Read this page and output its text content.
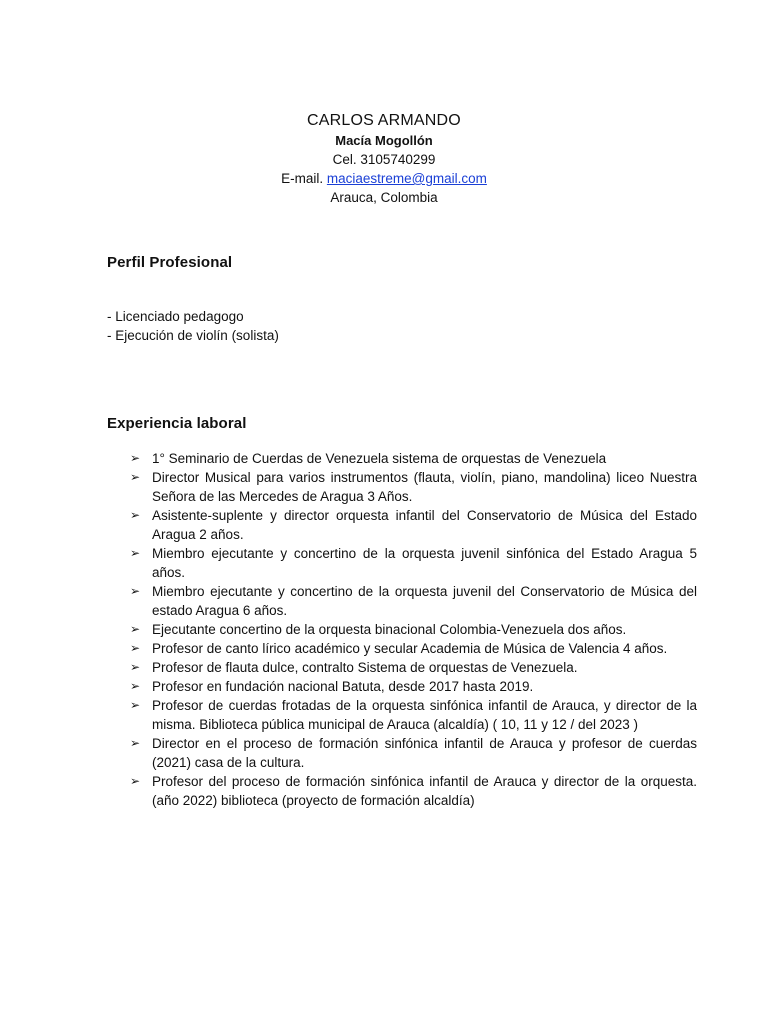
CARLOS ARMANDO
Macía Mogollón
Cel. 3105740299
E-mail. maciaestreme@gmail.com
Arauca, Colombia
Perfil Profesional
- Licenciado pedagogo
- Ejecución de violín (solista)
Experiencia laboral
➢ 1° Seminario de Cuerdas de Venezuela sistema de orquestas de Venezuela
➢ Director Musical para varios instrumentos (flauta, violín, piano, mandolina) liceo Nuestra Señora de las Mercedes de Aragua 3 Años.
➢ Asistente-suplente y director orquesta infantil del Conservatorio de Música del Estado Aragua 2 años.
➢ Miembro ejecutante y concertino de la orquesta juvenil sinfónica del Estado Aragua 5 años.
➢ Miembro ejecutante y concertino de la orquesta juvenil del Conservatorio de Música del estado Aragua 6 años.
➢ Ejecutante concertino de la orquesta binacional Colombia-Venezuela dos años.
➢ Profesor de canto lírico académico y secular Academia de Música de Valencia 4 años.
➢ Profesor de flauta dulce, contralto Sistema de orquestas de Venezuela.
➢ Profesor en fundación nacional Batuta, desde 2017 hasta 2019.
➢ Profesor de cuerdas frotadas de la orquesta sinfónica infantil de Arauca, y director de la misma. Biblioteca pública municipal de Arauca (alcaldía) ( 10, 11 y 12 / del 2023 )
➢ Director en el proceso de formación sinfónica infantil de Arauca y profesor de cuerdas (2021) casa de la cultura.
➢ Profesor del proceso de formación sinfónica infantil de Arauca y director de la orquesta. (año 2022) biblioteca (proyecto de formación alcaldía)
